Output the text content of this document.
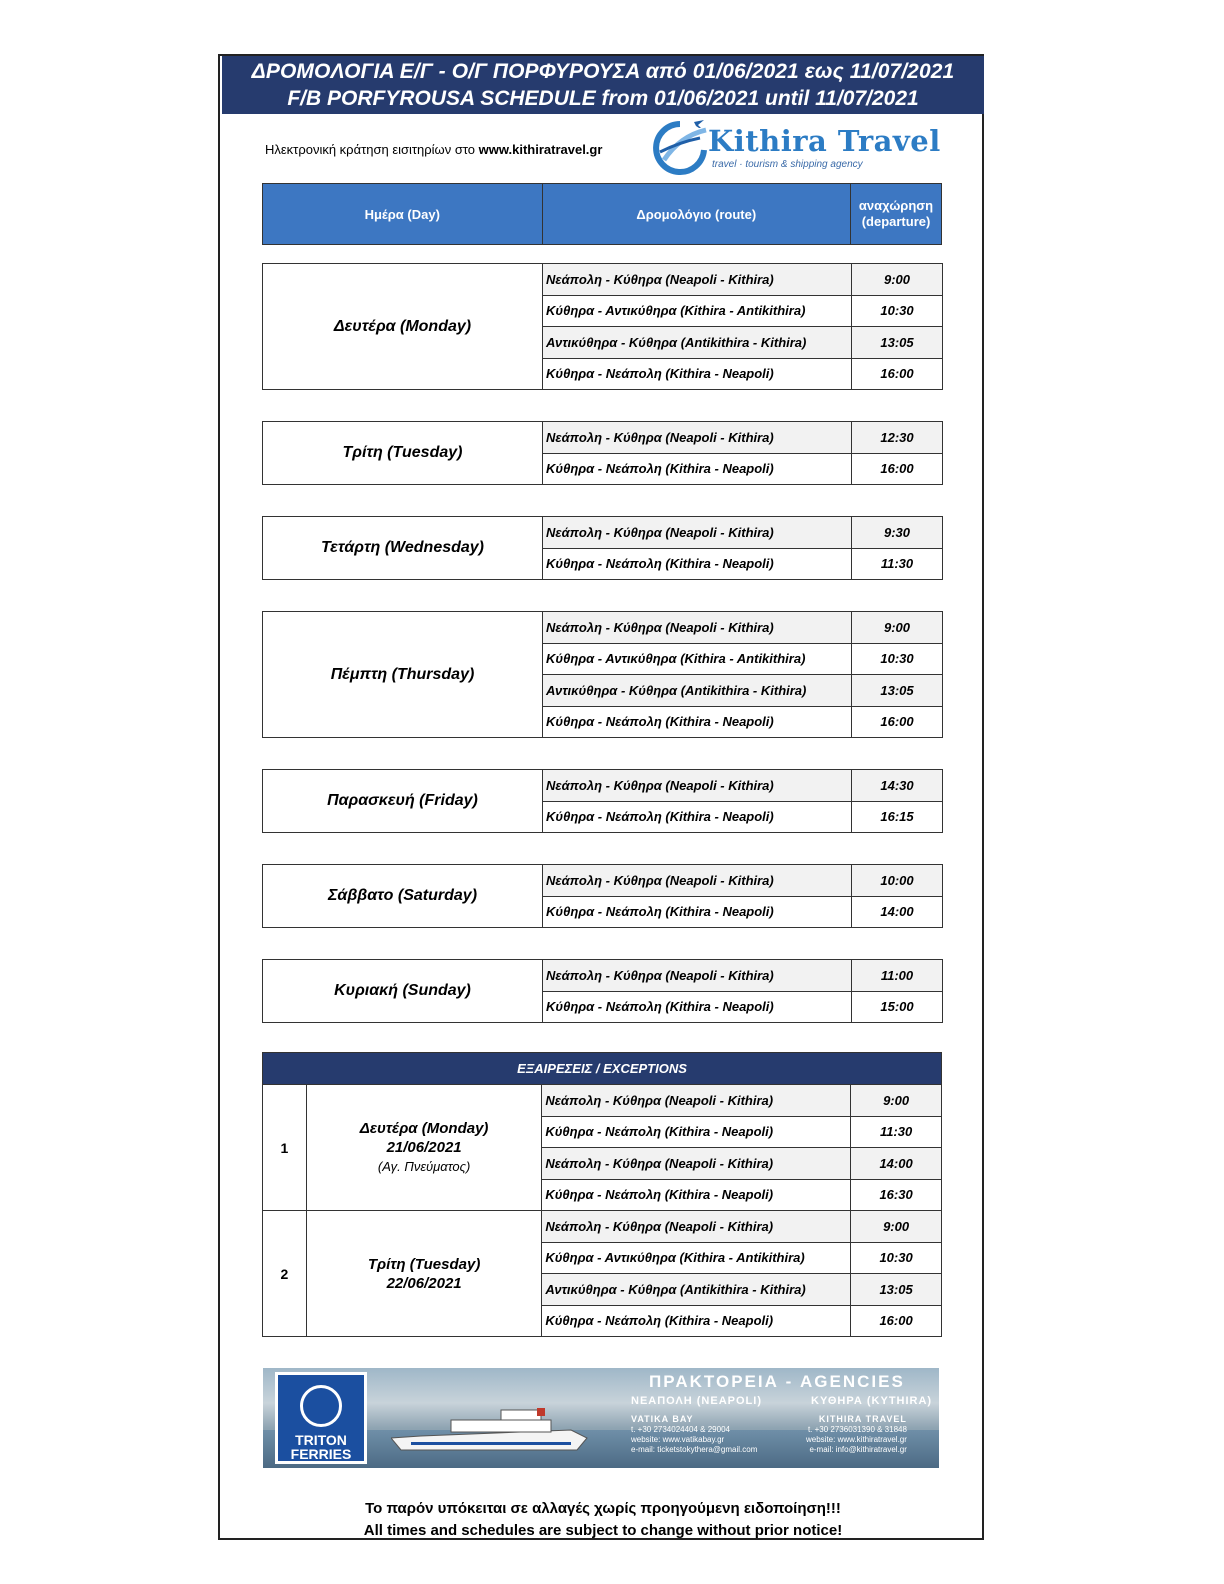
ΔΡΟΜΟΛΟΓΙΑ Ε/Γ - Ο/Γ ΠΟΡΦΥΡΟΥΣΑ από 01/06/2021 εως 11/07/2021
F/B PORFYROUSA SCHEDULE from 01/06/2021 until 11/07/2021
Ηλεκτρονική κράτηση εισιτηρίων στο www.kithiratravel.gr	Kithira Travel
travel · tourism & shipping agency
Ημέρα (Day)	Δρομολόγιο (route)	αναχώρηση
(departure)
Δευτέρα (Monday)	Νεάπολη - Κύθηρα (Neapoli - Kithira)	9:00
	Κύθηρα - Αντικύθηρα (Kithira - Antikithira)	10:30
	Αντικύθηρα - Κύθηρα (Antikithira - Kithira)	13:05
	Κύθηρα - Νεάπολη (Kithira - Neapoli)	16:00
Τρίτη (Tuesday)	Νεάπολη - Κύθηρα (Neapoli - Kithira)	12:30
	Κύθηρα - Νεάπολη (Kithira - Neapoli)	16:00
Τετάρτη (Wednesday)	Νεάπολη - Κύθηρα (Neapoli - Kithira)	9:30
	Κύθηρα - Νεάπολη (Kithira - Neapoli)	11:30
Πέμπτη (Thursday)	Νεάπολη - Κύθηρα (Neapoli - Kithira)	9:00
	Κύθηρα - Αντικύθηρα (Kithira - Antikithira)	10:30
	Αντικύθηρα - Κύθηρα (Antikithira - Kithira)	13:05
	Κύθηρα - Νεάπολη (Kithira - Neapoli)	16:00
Παρασκευή (Friday)	Νεάπολη - Κύθηρα (Neapoli - Kithira)	14:30
	Κύθηρα - Νεάπολη (Kithira - Neapoli)	16:15
Σάββατο (Saturday)	Νεάπολη - Κύθηρα (Neapoli - Kithira)	10:00
	Κύθηρα - Νεάπολη (Kithira - Neapoli)	14:00
Κυριακή (Sunday)	Νεάπολη - Κύθηρα (Neapoli - Kithira)	11:00
	Κύθηρα - Νεάπολη (Kithira - Neapoli)	15:00
ΕΞΑΙΡΕΣΕΙΣ / EXCEPTIONS			
1	Δευτέρα (Monday)
21/06/2021
(Αγ. Πνεύματος)	Νεάπολη - Κύθηρα (Neapoli - Kithira)	9:00
		Κύθηρα - Νεάπολη (Kithira - Neapoli)	11:30
		Νεάπολη - Κύθηρα (Neapoli - Kithira)	14:00
		Κύθηρα - Νεάπολη (Kithira - Neapoli)	16:30
2	Τρίτη (Tuesday)
22/06/2021	Νεάπολη - Κύθηρα (Neapoli - Kithira)	9:00
		Κύθηρα - Αντικύθηρα (Kithira - Antikithira)	10:30
		Αντικύθηρα - Κύθηρα (Antikithira - Kithira)	13:05
		Κύθηρα - Νεάπολη (Kithira - Neapoli)	16:00
TRITON
FERRIES
ΠΡΑΚΤΟΡΕΙΑ - AGENCIES
ΝΕΑΠΟΛΗ (NEAPOLI)	ΚΥΘΗΡΑ (ΚΥΤΗΙRA)
VATIKA BAY
t. +30 2734024404 & 29004
website: www.vatikabay.gr
e-mail: ticketstokythera@gmail.com
KITHIRA TRAVEL
t. +30 2736031390 & 31848
website: www.kithiratravel.gr
e-mail: info@kithiratravel.gr
Το παρόν υπόκειται σε αλλαγές χωρίς προηγούμενη ειδοποίηση!!!
All times and schedules are subject to change without prior notice!
